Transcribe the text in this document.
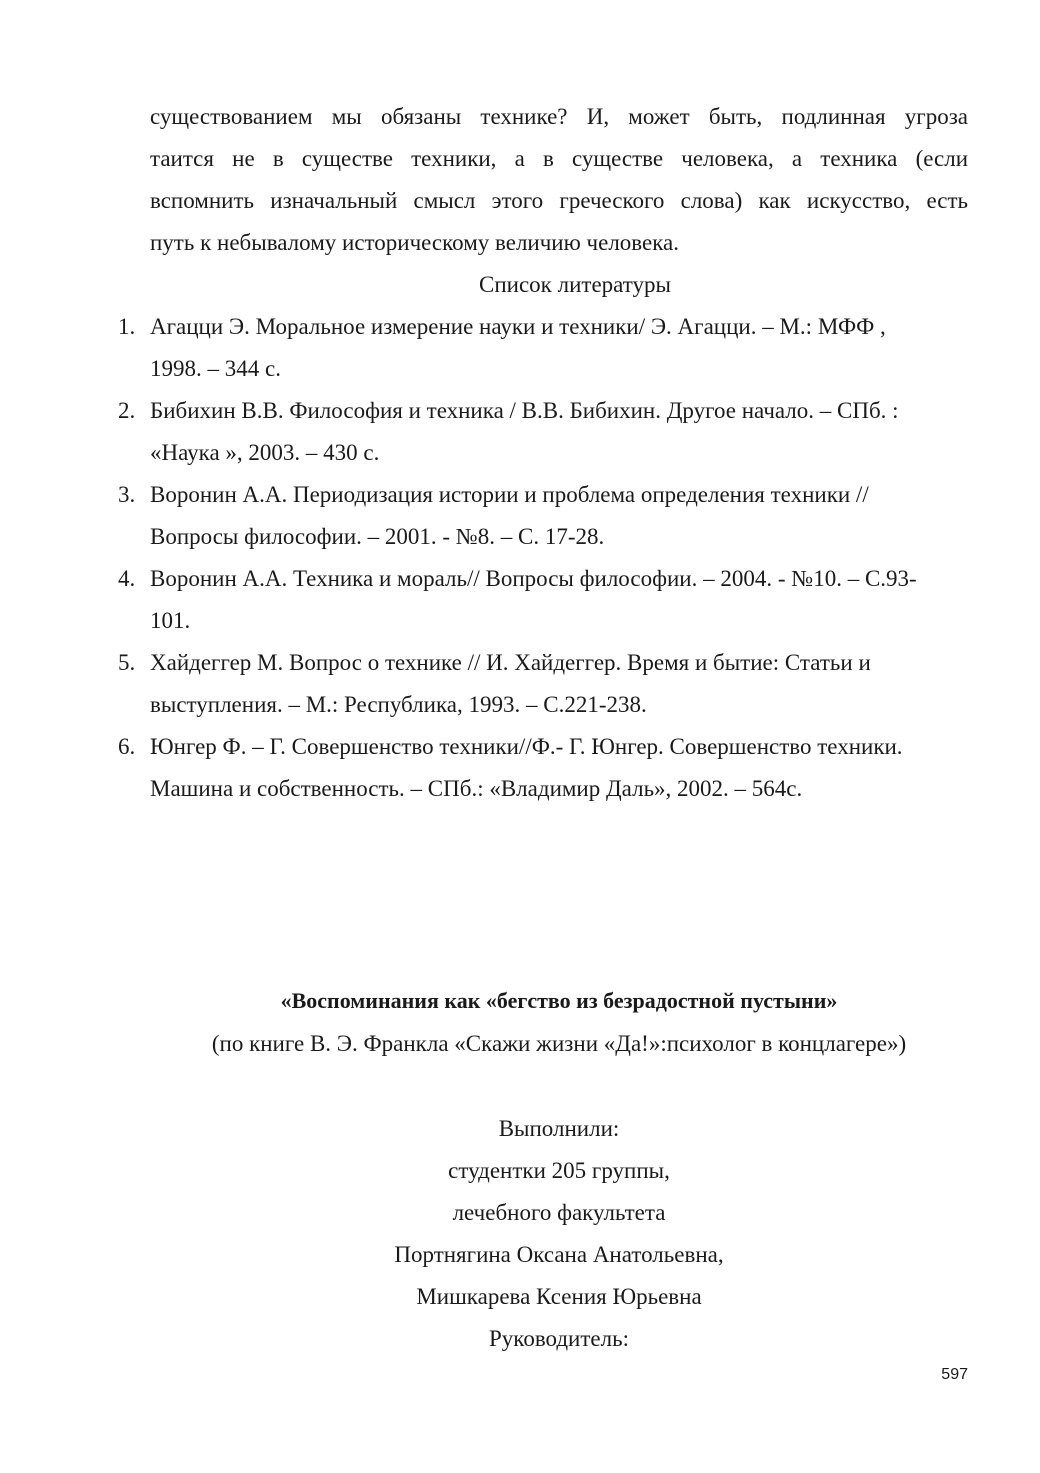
существованием мы обязаны технике? И, может быть, подлинная угроза
таится не в существе техники, а в существе человека, а техника (если
вспомнить изначальный смысл этого греческого слова) как искусство, есть
путь к небывалому историческому величию человека.
Список литературы
1. Агацци Э. Моральное измерение науки и техники/ Э. Агацци. – М.: МФФ ,
1998. – 344 с.
2. Бибихин В.В. Философия и техника / В.В. Бибихин. Другое начало. – СПб. :
«Наука », 2003. – 430 с.
3. Воронин А.А. Периодизация истории и проблема определения техники //
Вопросы философии. – 2001. - №8. – С. 17-28.
4. Воронин А.А. Техника и мораль// Вопросы философии. – 2004. - №10. – С.93-
101.
5. Хайдеггер М. Вопрос о технике // И. Хайдеггер. Время и бытие: Статьи и
выступления. – М.: Республика, 1993. – С.221-238.
6. Юнгер Ф. – Г. Совершенство техники//Ф.- Г. Юнгер. Совершенство техники.
Машина и собственность. – СПб.: «Владимир Даль», 2002. – 564с.
«Воспоминания как «бегство из безрадостной пустыни»
(по книге В. Э. Франкла «Скажи жизни «Да!»:психолог в концлагере»)
Выполнили:
студентки 205 группы,
лечебного факультета
Портнягина Оксана Анатольевна,
Мишкарева Ксения Юрьевна
Руководитель:
597
